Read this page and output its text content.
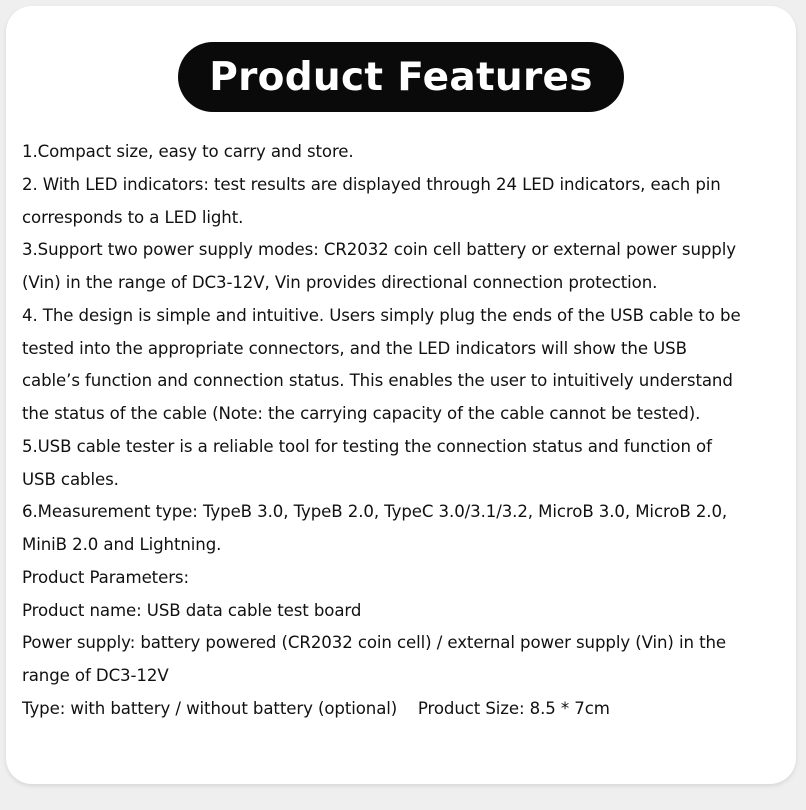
Product Features
1.Compact size, easy to carry and store.
2. With LED indicators: test results are displayed through 24 LED indicators, each pin
corresponds to a LED light.
3.Support two power supply modes: CR2032 coin cell battery or external power supply
(Vin) in the range of DC3-12V, Vin provides directional connection protection.
4. The design is simple and intuitive. Users simply plug the ends of the USB cable to be
tested into the appropriate connectors, and the LED indicators will show the USB
cable’s function and connection status. This enables the user to intuitively understand
the status of the cable (Note: the carrying capacity of the cable cannot be tested).
5.USB cable tester is a reliable tool for testing the connection status and function of
USB cables.
6.Measurement type: TypeB 3.0, TypeB 2.0, TypeC 3.0/3.1/3.2, MicroB 3.0, MicroB 2.0,
MiniB 2.0 and Lightning.
Product Parameters:
Product name: USB data cable test board
Power supply: battery powered (CR2032 coin cell) / external power supply (Vin) in the
range of DC3-12V
Type: with battery / without battery (optional)    Product Size: 8.5 * 7cm
